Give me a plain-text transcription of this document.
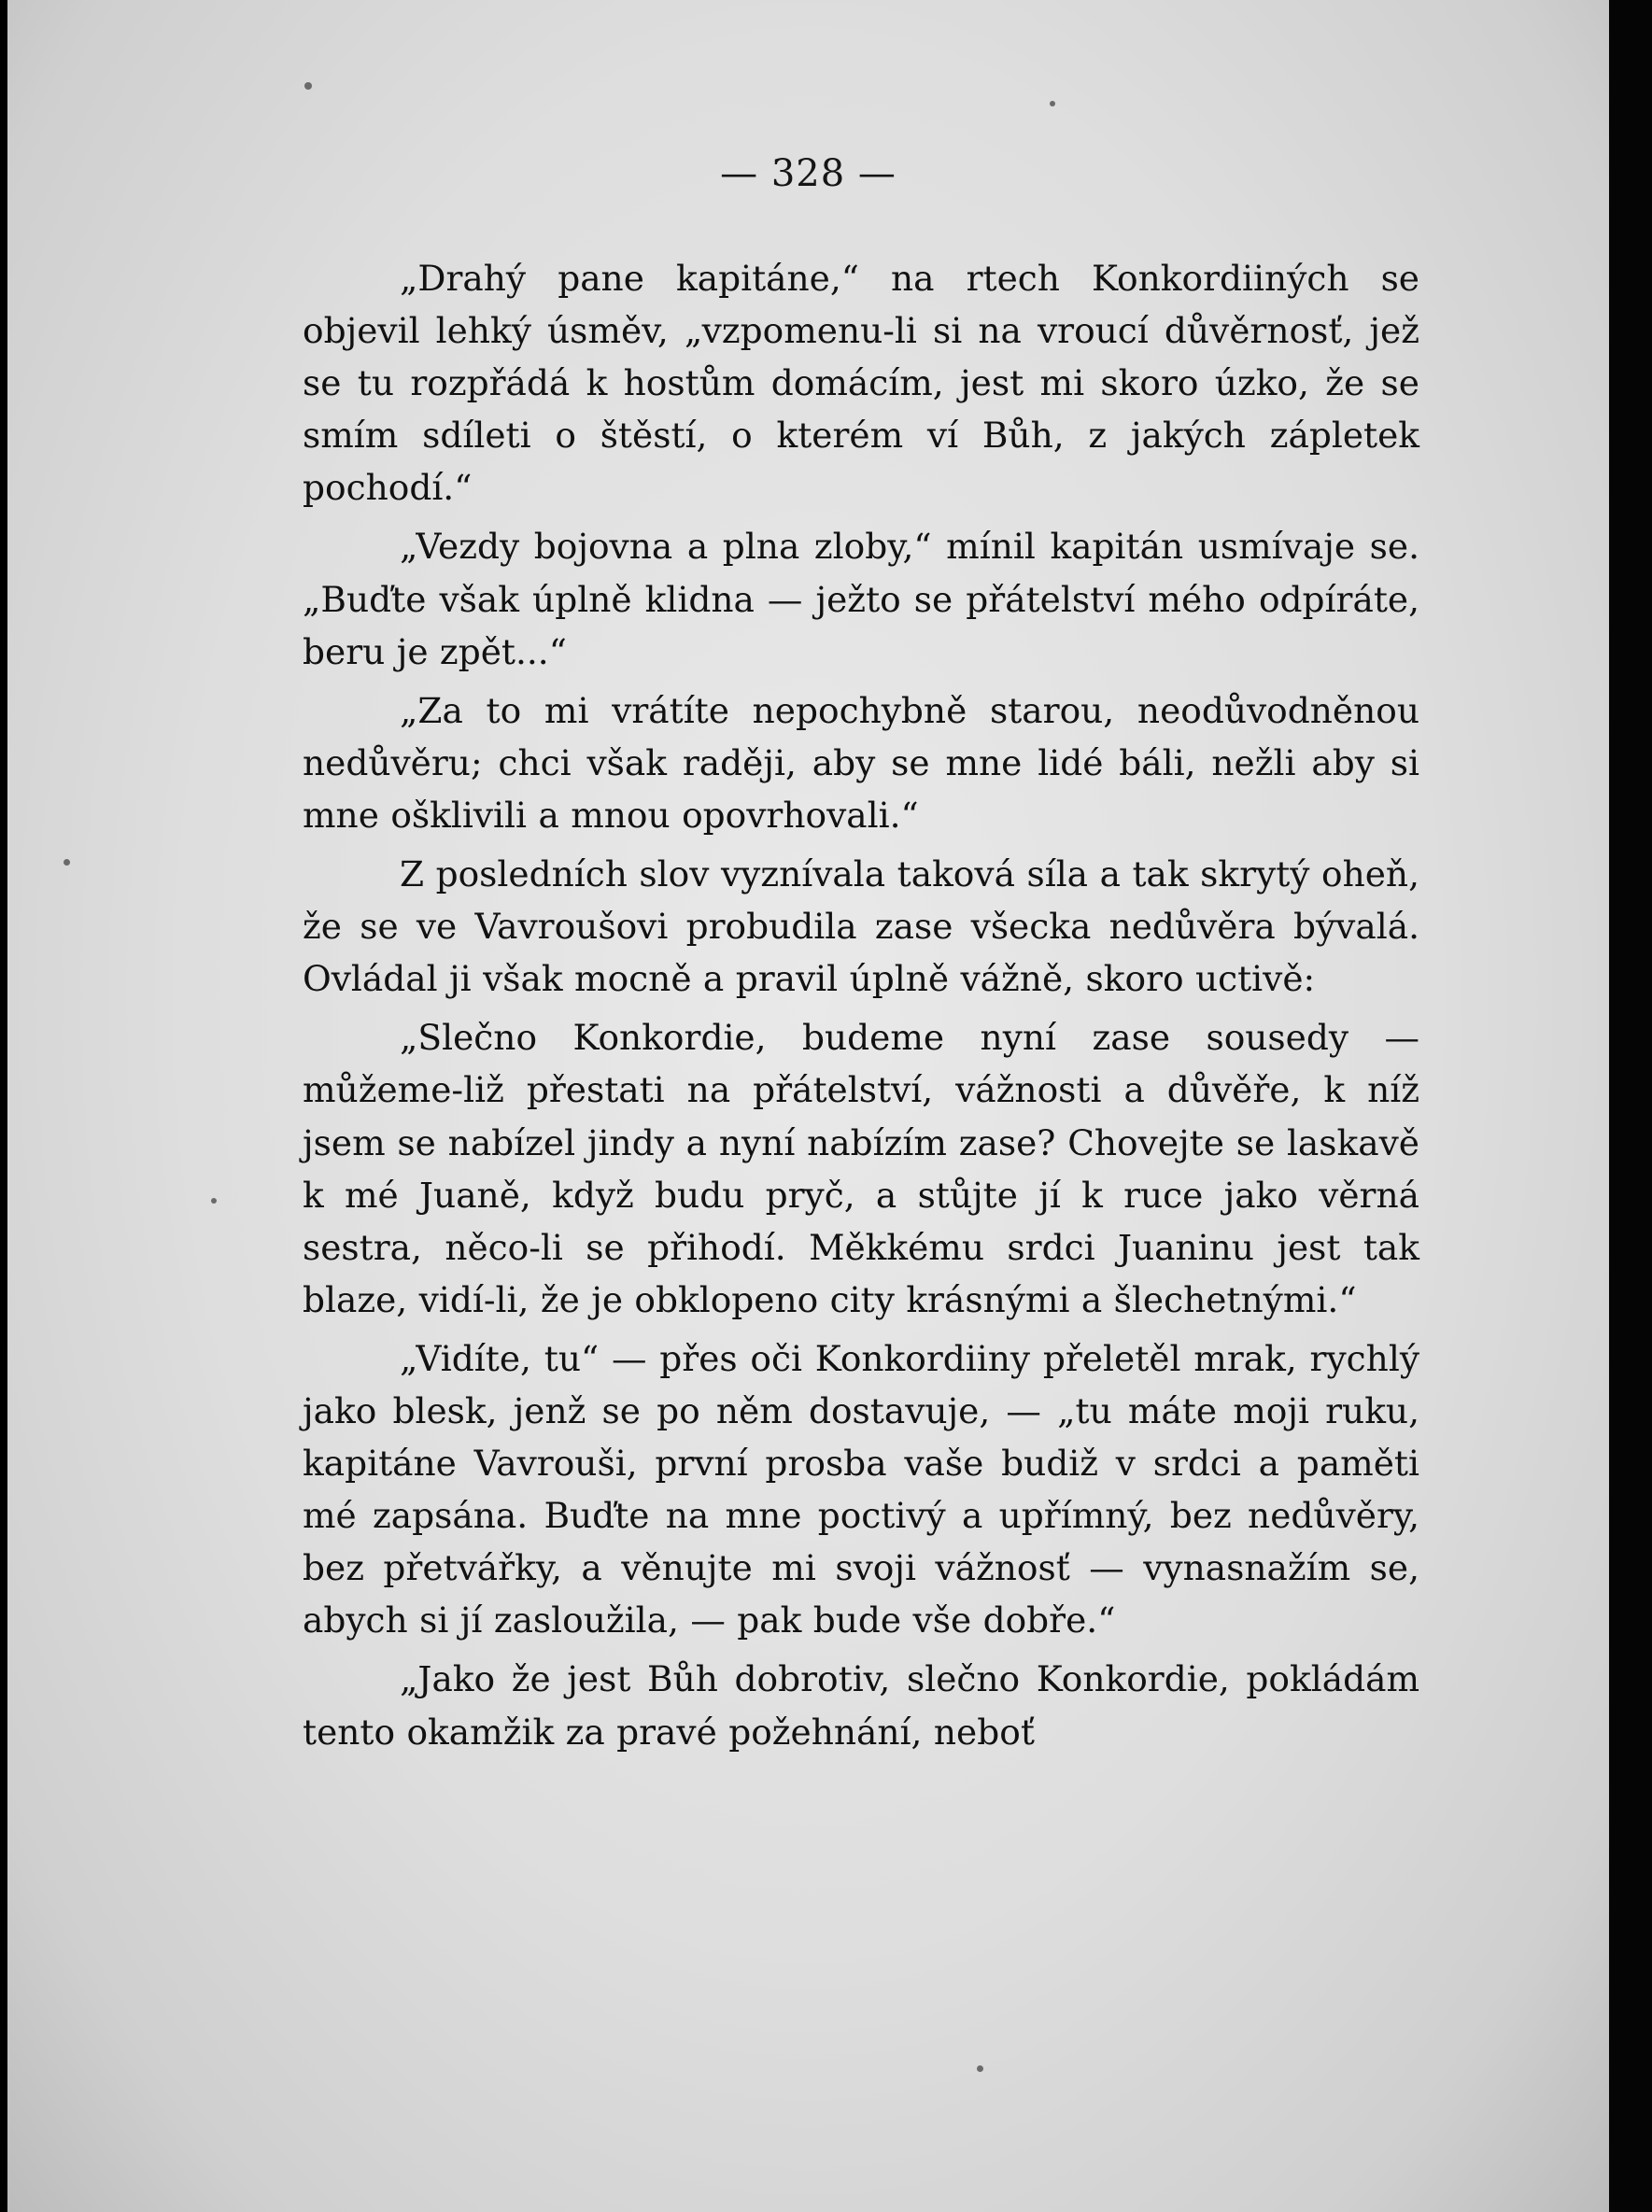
— 328 —

„Drahý pane kapitáne,“ na rtech Konkordiiných se objevil lehký úsměv, „vzpomenu-li si na vroucí důvěrnosť, jež se tu rozpřádá k hostům domácím, jest mi skoro úzko, že se smím sdíleti o štěstí, o kterém ví Bůh, z jakých zápletek pochodí.“

„Vezdy bojovna a plna zloby,“ mínil kapitán usmívaje se. „Buďte však úplně klidna — ježto se přátelství mého odpíráte, beru je zpět...“

„Za to mi vrátíte nepochybně starou, neodůvodněnou nedůvěru; chci však raději, aby se mne lidé báli, nežli aby si mne ošklivili a mnou opovrhovali.“

Z posledních slov vyznívala taková síla a tak skrytý oheň, že se ve Vavroušovi probudila zase všecka nedůvěra bývalá. Ovládal ji však mocně a pravil úplně vážně, skoro uctivě:

„Slečno Konkordie, budeme nyní zase sousedy — můžeme-liž přestati na přátelství, vážnosti a důvěře, k níž jsem se nabízel jindy a nyní nabízím zase? Chovejte se laskavě k mé Juaně, když budu pryč, a stůjte jí k ruce jako věrná sestra, něco-li se přihodí. Měkkému srdci Juaninu jest tak blaze, vidí-li, že je obklopeno city krásnými a šlechetnými.“

„Vidíte, tu“ — přes oči Konkordiiny přeletěl mrak, rychlý jako blesk, jenž se po něm dostavuje, — „tu máte moji ruku, kapitáne Vavrouši, první prosba vaše budiž v srdci a paměti mé zapsána. Buďte na mne poctivý a upřímný, bez nedůvěry, bez přetvářky, a věnujte mi svoji vážnosť — vynasnažím se, abych si jí zasloužila, — pak bude vše dobře.“

„Jako že jest Bůh dobrotiv, slečno Konkordie, pokládám tento okamžik za pravé požehnání, neboť
